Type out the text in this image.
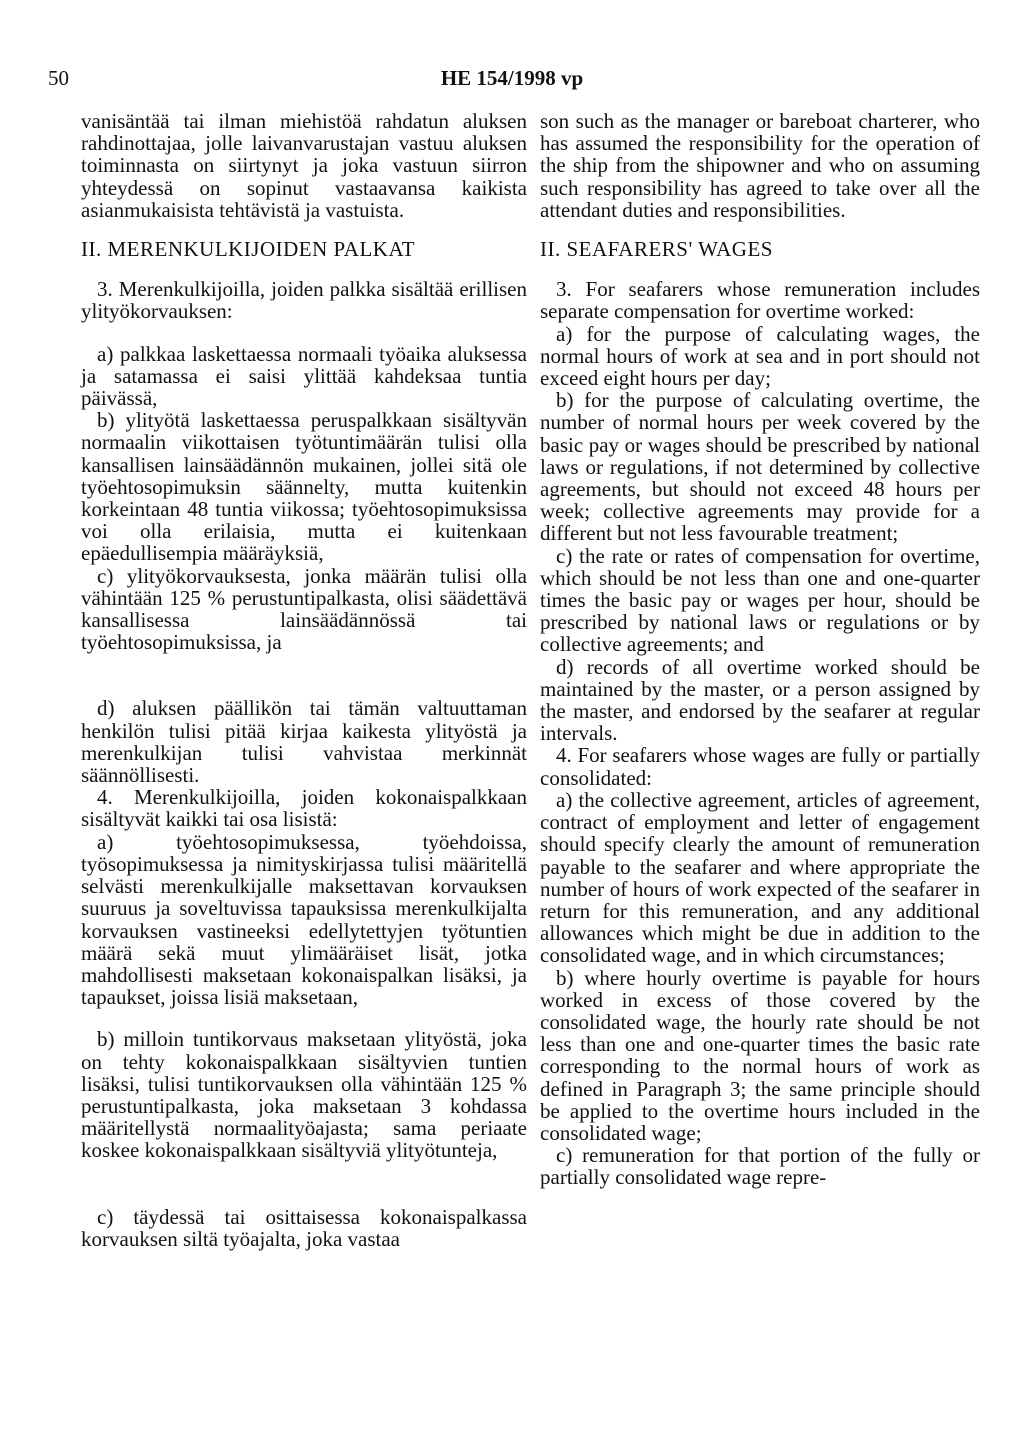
50	HE 154/1998 vp

vanisäntää tai ilman miehistöä rahdatun aluksen rahdinottajaa, jolle laivanvarustajan vastuu aluksen toiminnasta on siirtynyt ja joka vastuun siirron yhteydessä on sopinut vastaavansa kaikista asianmukaisista tehtävistä ja vastuista.

II. MERENKULKIJOIDEN PALKAT

3. Merenkulkijoilla, joiden palkka sisältää erillisen ylityökorvauksen:

a) palkkaa laskettaessa normaali työaika aluksessa ja satamassa ei saisi ylittää kahdeksaa tuntia päivässä,

b) ylityötä laskettaessa peruspalkkaan sisältyvän normaalin viikottaisen työtuntimäärän tulisi olla kansallisen lainsäädännön mukainen, jollei sitä ole työehtosopimuksin säännelty, mutta kuitenkin korkeintaan 48 tuntia viikossa; työehtosopimuksissa voi olla erilaisia, mutta ei kuitenkaan epäedullisempia määräyksiä,

c) ylityökorvauksesta, jonka määrän tulisi olla vähintään 125 % perustuntipalkasta, olisi säädettävä kansallisessa lainsäädännössä tai työehtosopimuksissa, ja

d) aluksen päällikön tai tämän valtuuttaman henkilön tulisi pitää kirjaa kaikesta ylityöstä ja merenkulkijan tulisi vahvistaa merkinnät säännöllisesti.

4. Merenkulkijoilla, joiden kokonaispalkkaan sisältyvät kaikki tai osa lisistä:

a) työehtosopimuksessa, työehdoissa, työsopimuksessa ja nimityskirjassa tulisi määritellä selvästi merenkulkijalle maksettavan korvauksen suuruus ja soveltuvissa tapauksissa merenkulkijalta korvauksen vastineeksi edellytettyjen työtuntien määrä sekä muut ylimääräiset lisät, jotka mahdollisesti maksetaan kokonaispalkan lisäksi, ja tapaukset, joissa lisiä maksetaan,

b) milloin tuntikorvaus maksetaan ylityöstä, joka on tehty kokonaispalkkaan sisältyvien tuntien lisäksi, tulisi tuntikorvauksen olla vähintään 125 % perustuntipalkasta, joka maksetaan 3 kohdassa määritellystä normaalityöajasta; sama periaate koskee kokonaispalkkaan sisältyviä ylityötunteja,

c) täydessä tai osittaisessa kokonaispalkassa korvauksen siltä työajalta, joka vastaa

son such as the manager or bareboat charterer, who has assumed the responsibility for the operation of the ship from the shipowner and who on assuming such responsibility has agreed to take over all the attendant duties and responsibilities.

II. SEAFARERS' WAGES

3. For seafarers whose remuneration includes separate compensation for overtime worked:

a) for the purpose of calculating wages, the normal hours of work at sea and in port should not exceed eight hours per day;

b) for the purpose of calculating overtime, the number of normal hours per week covered by the basic pay or wages should be prescribed by national laws or regulations, if not determined by collective agreements, but should not exceed 48 hours per week; collective agreements may provide for a different but not less favourable treatment;

c) the rate or rates of compensation for overtime, which should be not less than one and one-quarter times the basic pay or wages per hour, should be prescribed by national laws or regulations or by collective agreements; and

d) records of all overtime worked should be maintained by the master, or a person assigned by the master, and endorsed by the seafarer at regular intervals.

4. For seafarers whose wages are fully or partially consolidated:

a) the collective agreement, articles of agreement, contract of employment and letter of engagement should specify clearly the amount of remuneration payable to the seafarer and where appropriate the number of hours of work expected of the seafarer in return for this remuneration, and any additional allowances which might be due in addition to the consolidated wage, and in which circumstances;

b) where hourly overtime is payable for hours worked in excess of those covered by the consolidated wage, the hourly rate should be not less than one and one-quarter times the basic rate corresponding to the normal hours of work as defined in Paragraph 3; the same principle should be applied to the overtime hours included in the consolidated wage;

c) remuneration for that portion of the fully or partially consolidated wage repre-
